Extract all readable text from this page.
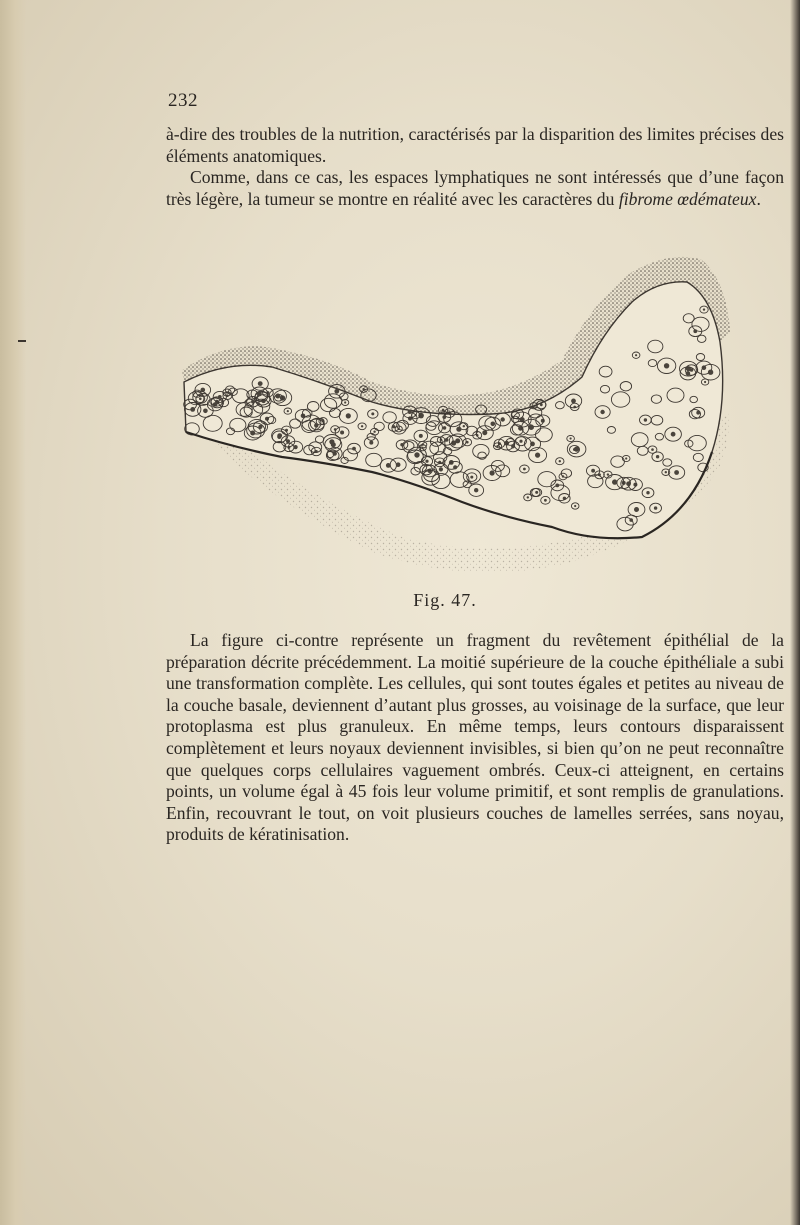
232

à-dire des troubles de la nutrition, caractérisés par la disparition des limites précises des éléments anatomiques.

Comme, dans ce cas, les espaces lymphatiques ne sont intéressés que d’une façon très légère, la tumeur se montre en réalité avec les caractères du fibrome œdémateux.

Fig. 47.

La figure ci-contre représente un fragment du revêtement épithélial de la préparation décrite précédemment. La moitié supérieure de la couche épithéliale a subi une transformation complète. Les cellules, qui sont toutes égales et petites au niveau de la couche basale, deviennent d’autant plus grosses, au voisinage de la surface, que leur protoplasma est plus granuleux. En même temps, leurs contours disparaissent complètement et leurs noyaux deviennent invisibles, si bien qu’on ne peut reconnaître que quelques corps cellulaires vaguement ombrés. Ceux-ci atteignent, en certains points, un volume égal à 45 fois leur volume primitif, et sont remplis de granulations. Enfin, recouvrant le tout, on voit plusieurs couches de lamelles serrées, sans noyau, produits de kératinisation.
